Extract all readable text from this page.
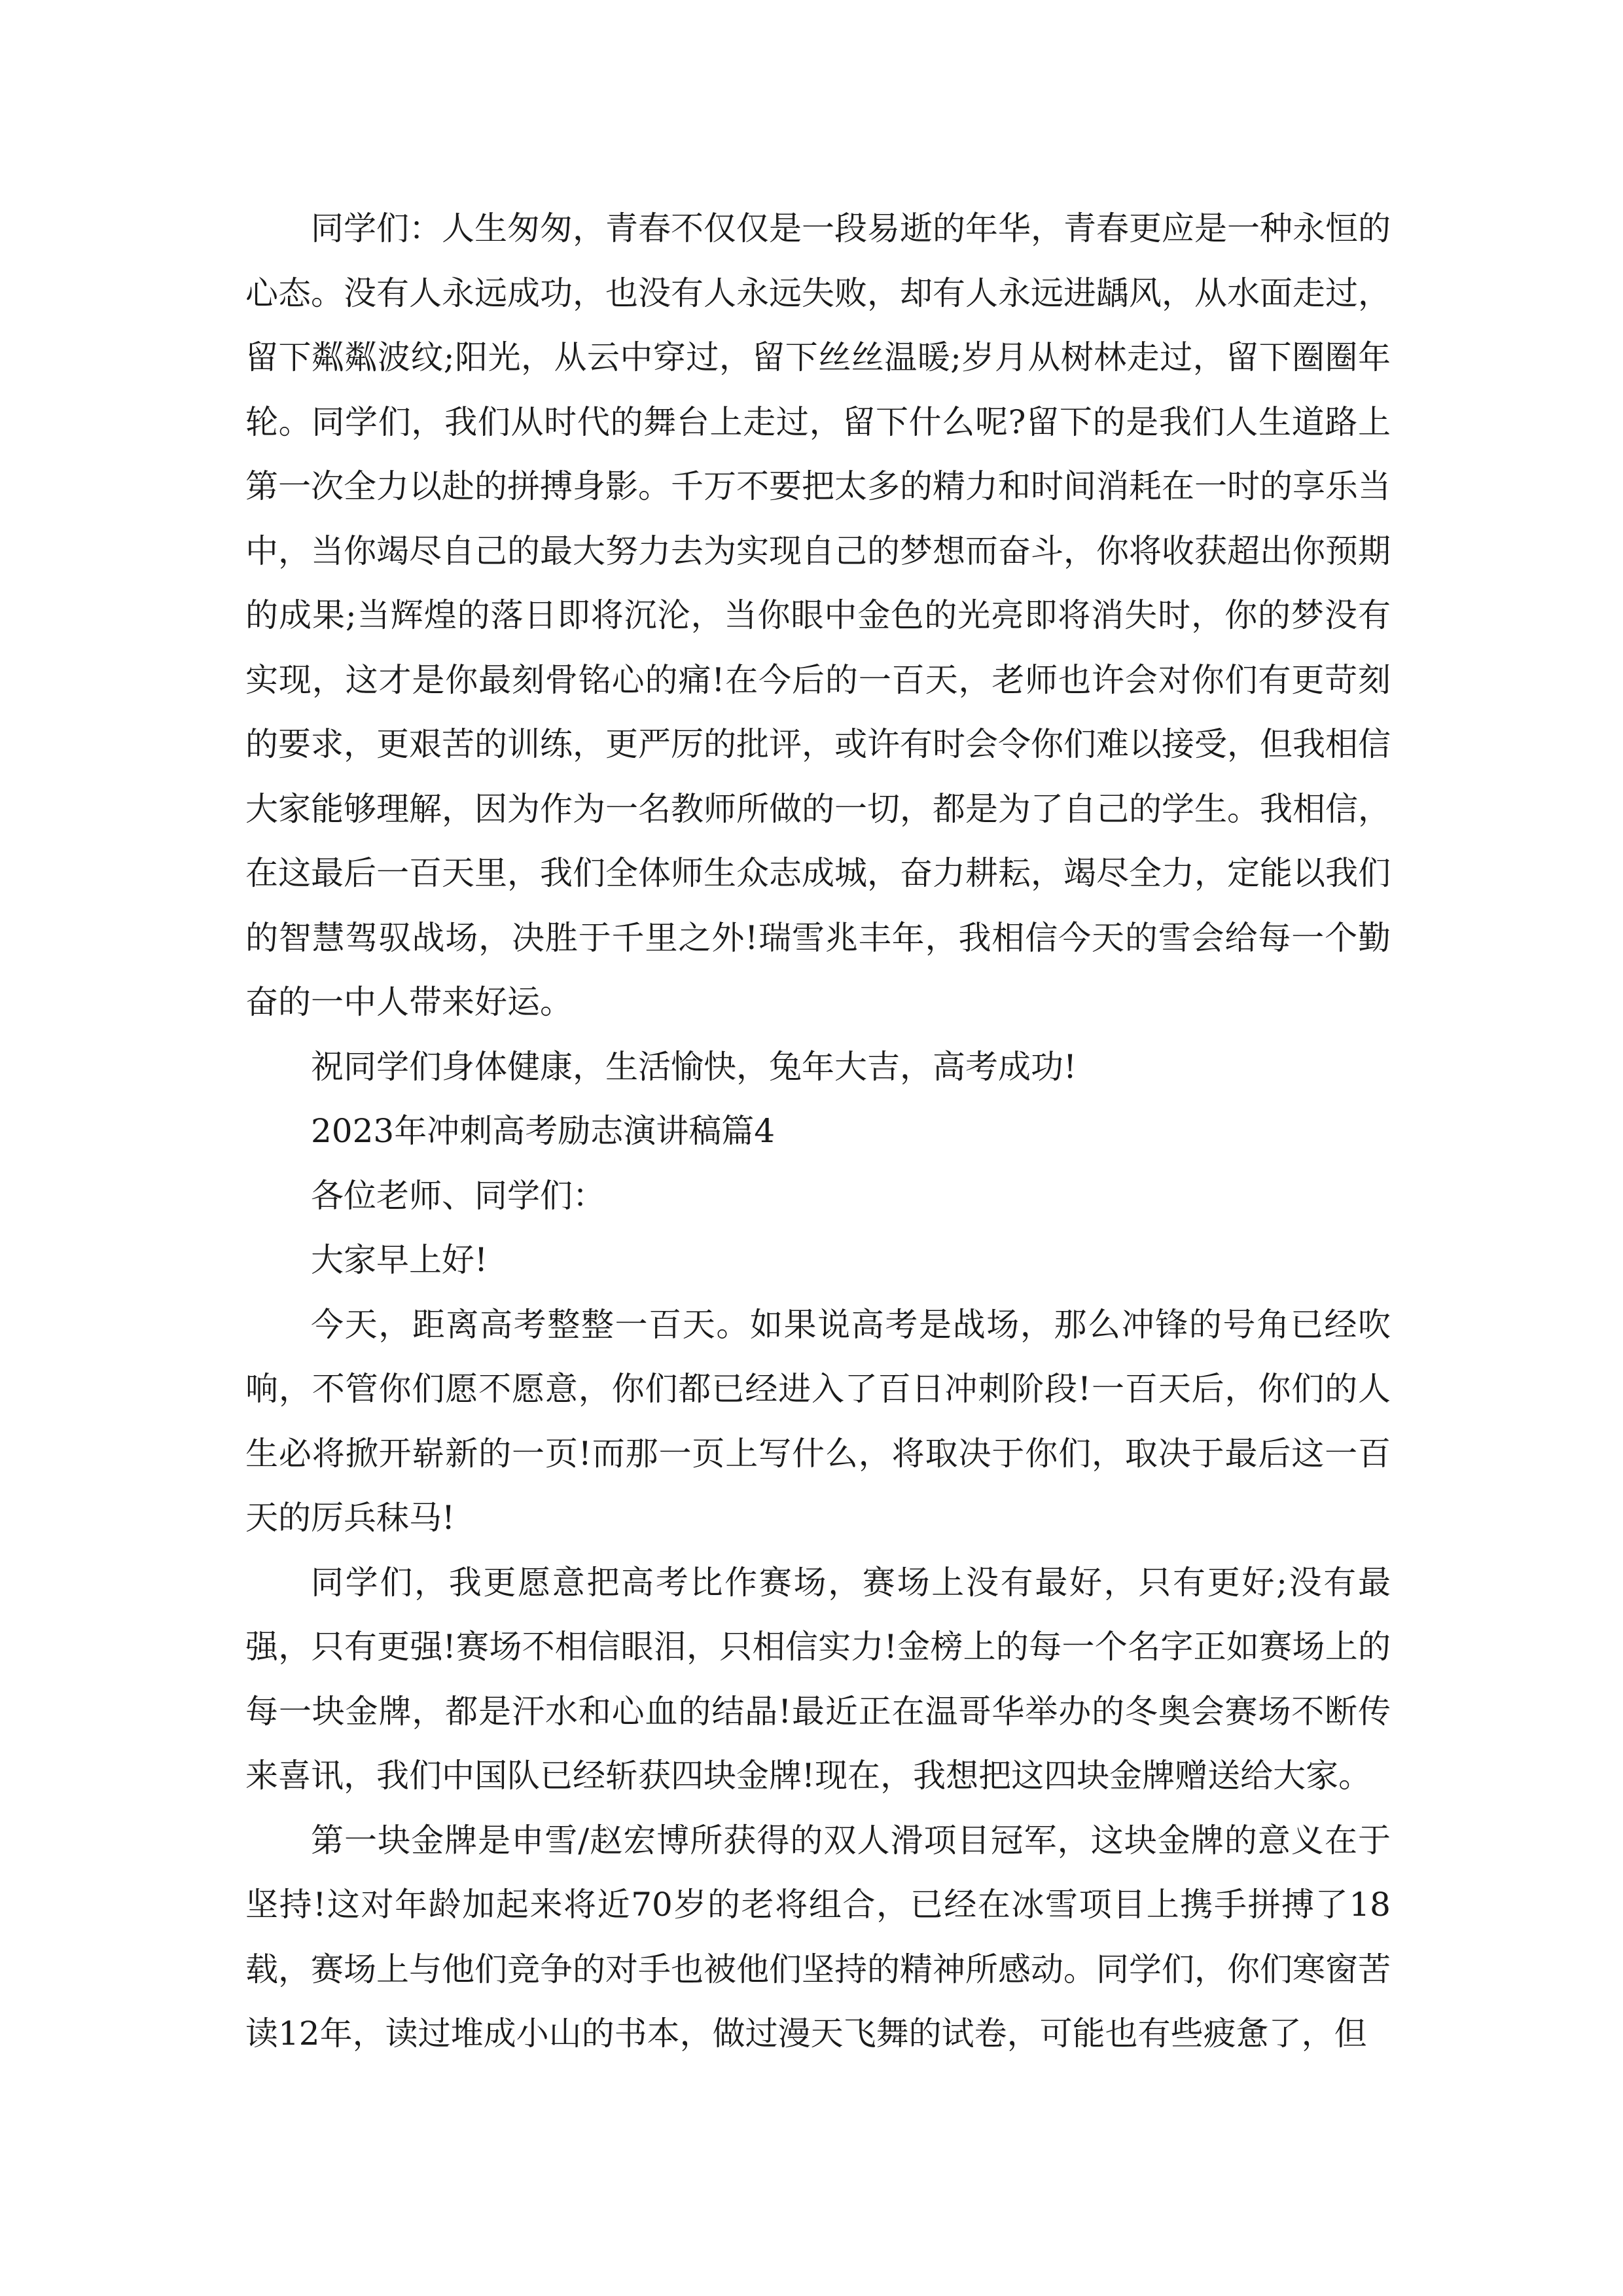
同学们：人生匆匆，青春不仅仅是一段易逝的年华，青春更应是一种永恒的心态。没有人永远成功，也没有人永远失败，却有人永远进龋风，从水面走过，留下粼粼波纹;阳光，从云中穿过，留下丝丝温暖;岁月从树林走过，留下圈圈年轮。同学们，我们从时代的舞台上走过，留下什么呢?留下的是我们人生道路上第一次全力以赴的拼搏身影。千万不要把太多的精力和时间消耗在一时的享乐当中，当你竭尽自己的最大努力去为实现自己的梦想而奋斗，你将收获超出你预期的成果;当辉煌的落日即将沉沦，当你眼中金色的光亮即将消失时，你的梦没有实现，这才是你最刻骨铭心的痛!在今后的一百天，老师也许会对你们有更苛刻的要求，更艰苦的训练，更严厉的批评，或许有时会令你们难以接受，但我相信大家能够理解，因为作为一名教师所做的一切，都是为了自己的学生。我相信，在这最后一百天里，我们全体师生众志成城，奋力耕耘，竭尽全力，定能以我们的智慧驾驭战场，决胜于千里之外!瑞雪兆丰年，我相信今天的雪会给每一个勤奋的一中人带来好运。

祝同学们身体健康，生活愉快，兔年大吉，高考成功!

2023年冲刺高考励志演讲稿篇4

各位老师、同学们：

大家早上好!

今天，距离高考整整一百天。如果说高考是战场，那么冲锋的号角已经吹响，不管你们愿不愿意，你们都已经进入了百日冲刺阶段!一百天后，你们的人生必将掀开崭新的一页!而那一页上写什么，将取决于你们，取决于最后这一百天的厉兵秣马!

同学们，我更愿意把高考比作赛场，赛场上没有最好，只有更好;没有最强，只有更强!赛场不相信眼泪，只相信实力!金榜上的每一个名字正如赛场上的每一块金牌，都是汗水和心血的结晶!最近正在温哥华举办的冬奥会赛场不断传来喜讯，我们中国队已经斩获四块金牌!现在，我想把这四块金牌赠送给大家。

第一块金牌是申雪/赵宏博所获得的双人滑项目冠军，这块金牌的意义在于坚持!这对年龄加起来将近70岁的老将组合，已经在冰雪项目上携手拼搏了18载，赛场上与他们竞争的对手也被他们坚持的精神所感动。同学们，你们寒窗苦读12年，读过堆成小山的书本，做过漫天飞舞的试卷，可能也有些疲惫了，但
